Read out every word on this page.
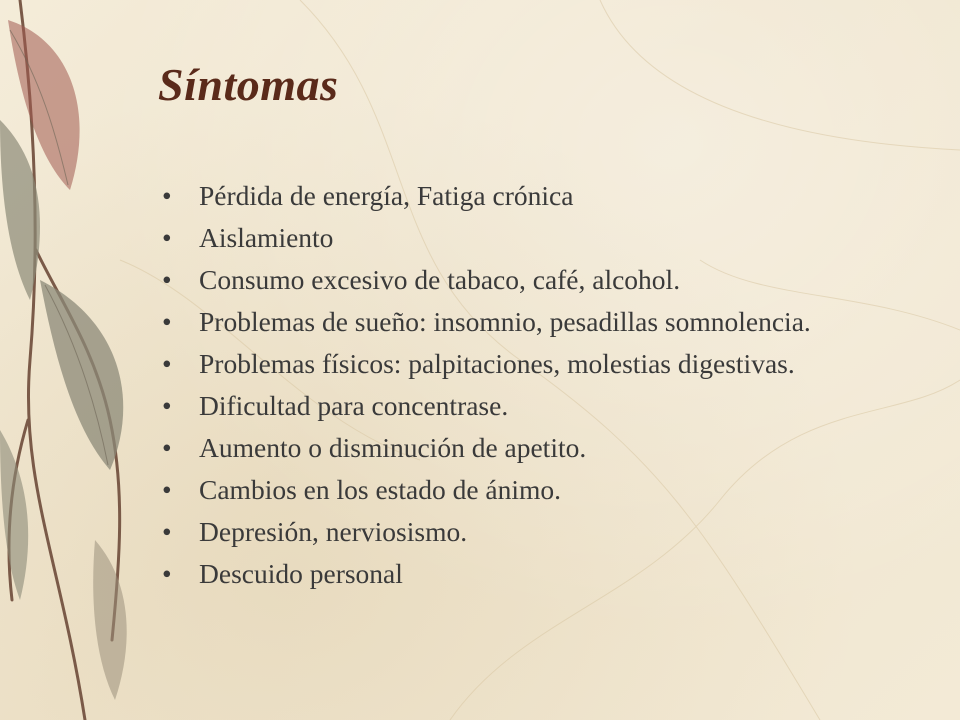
Síntomas
• Pérdida de energía, Fatiga crónica
• Aislamiento
• Consumo excesivo de tabaco, café, alcohol.
• Problemas de sueño: insomnio, pesadillas somnolencia.
• Problemas físicos: palpitaciones, molestias digestivas.
• Dificultad para concentrase.
• Aumento o disminución de apetito.
• Cambios en los estado de ánimo.
• Depresión, nerviosismo.
• Descuido personal
